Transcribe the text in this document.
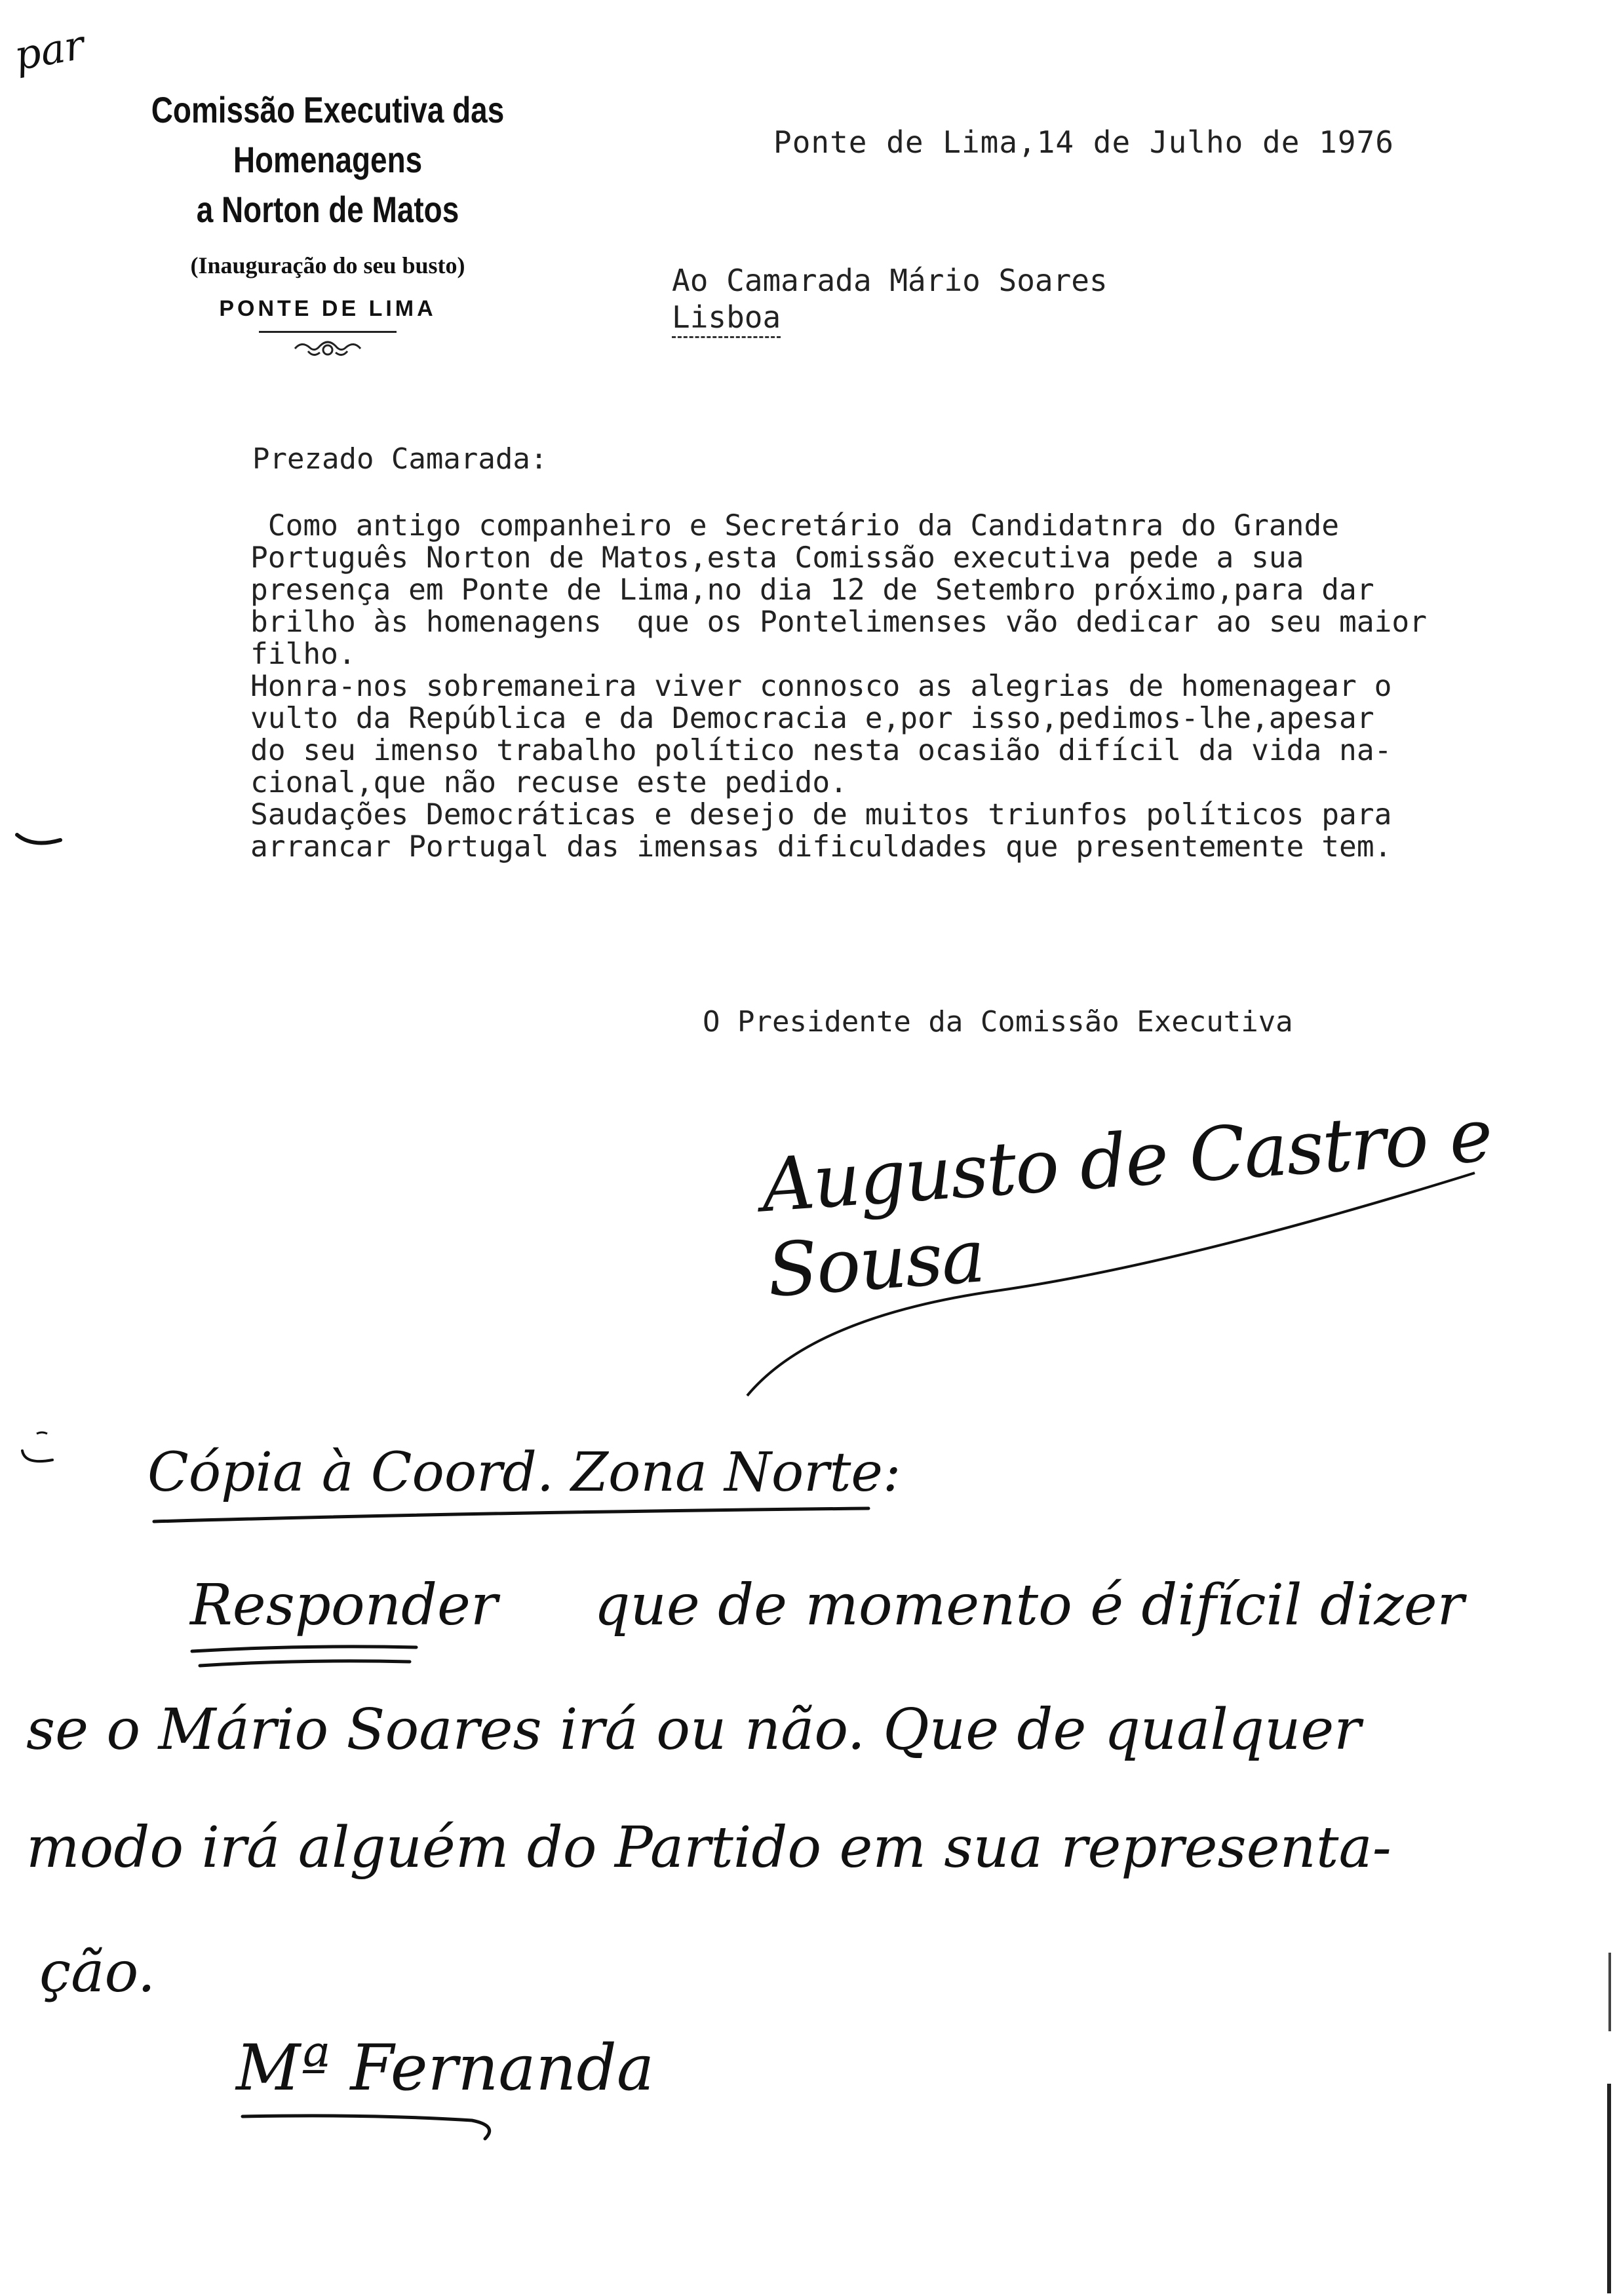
par
Comissão Executiva das Homenagens
a Norton de Matos
(Inauguração do seu busto)
PONTE DE LIMA
Ponte de Lima,14 de Julho de 1976
Ao Camarada Mário Soares
Lisboa
Prezado Camarada:

Como antigo companheiro e Secretário da Candidatnra do Grande

Português Norton de Matos,esta Comissão executiva pede a sua

presença em Ponte de Lima,no dia 12 de Setembro próximo,para dar

brilho às homenagens  que os Pontelimenses vão dedicar ao seu maior

filho.

Honra-nos sobremaneira viver connosco as alegrias de homenagear o

vulto da República e da Democracia e,por isso,pedimos-lhe,apesar

do seu imenso trabalho político nesta ocasião difícil da vida na-

cional,que não recuse este pedido.

Saudações Democráticas e desejo de muitos triunfos políticos para

arrancar Portugal das imensas dificuldades que presentemente tem.

O Presidente da Comissão Executiva
Augusto de Castro e Sousa
Cópia à Coord. Zona Norte:
Responder que de momento é difícil dizer
se o Mário Soares irá ou não. Que de qualquer
modo irá alguém do Partido em sua representa-
ção.
Mª Fernanda
